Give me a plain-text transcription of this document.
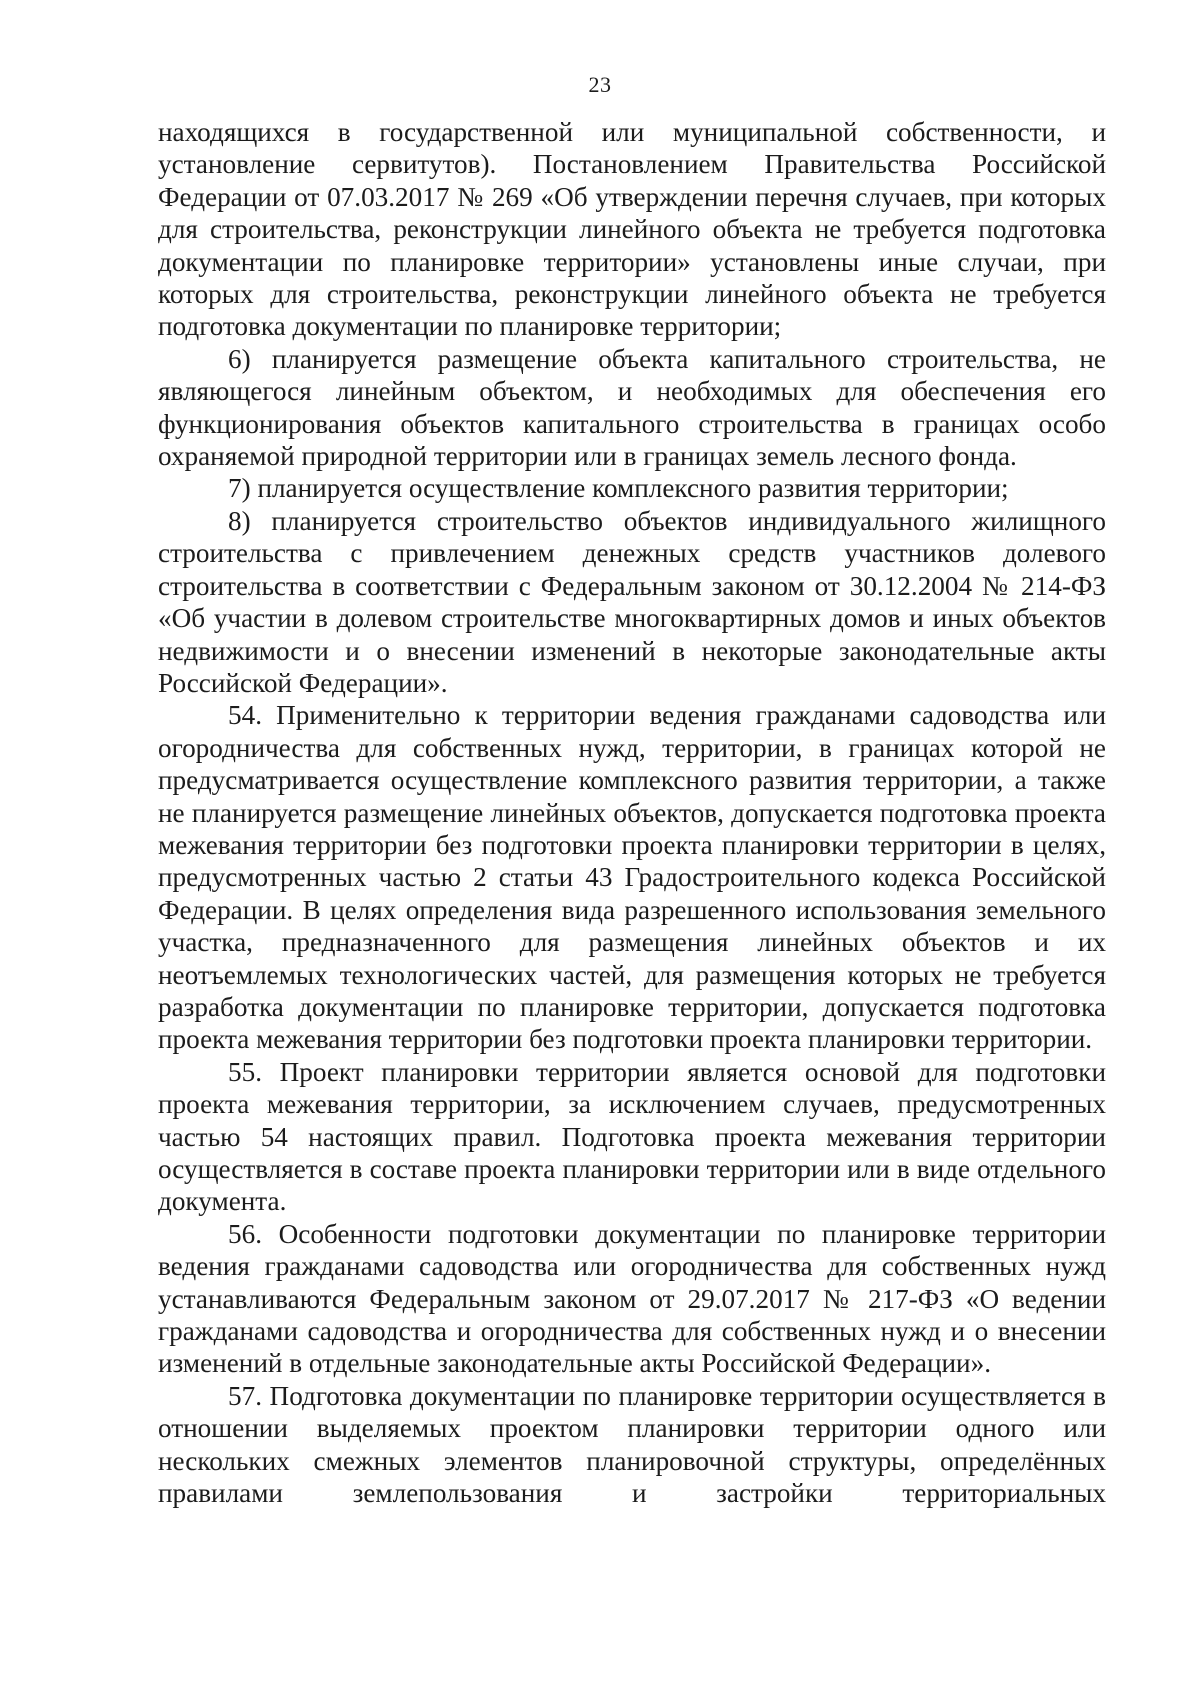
23

находящихся в государственной или муниципальной собственности, и установление сервитутов). Постановлением Правительства Российской Федерации от 07.03.2017 № 269 «Об утверждении перечня случаев, при которых для строительства, реконструкции линейного объекта не требуется подготовка документации по планировке территории» установлены иные случаи, при которых для строительства, реконструкции линейного объекта не требуется подготовка документации по планировке территории;

6) планируется размещение объекта капитального строительства, не являющегося линейным объектом, и необходимых для обеспечения его функционирования объектов капитального строительства в границах особо охраняемой природной территории или в границах земель лесного фонда.

7) планируется осуществление комплексного развития территории;

8) планируется строительство объектов индивидуального жилищного строительства с привлечением денежных средств участников долевого строительства в соответствии с Федеральным законом от 30.12.2004 № 214-ФЗ «Об участии в долевом строительстве многоквартирных домов и иных объектов недвижимости и о внесении изменений в некоторые законодательные акты Российской Федерации».

54. Применительно к территории ведения гражданами садоводства или огородничества для собственных нужд, территории, в границах которой не предусматривается осуществление комплексного развития территории, а также не планируется размещение линейных объектов, допускается подготовка проекта межевания территории без подготовки проекта планировки территории в целях, предусмотренных частью 2 статьи 43 Градостроительного кодекса Российской Федерации. В целях определения вида разрешенного использования земельного участка, предназначенного для размещения линейных объектов и их неотъемлемых технологических частей, для размещения которых не требуется разработка документации по планировке территории, допускается подготовка проекта межевания территории без подготовки проекта планировки территории.

55. Проект планировки территории является основой для подготовки проекта межевания территории, за исключением случаев, предусмотренных частью 54 настоящих правил. Подготовка проекта межевания территории осуществляется в составе проекта планировки территории или в виде отдельного документа.

56. Особенности подготовки документации по планировке территории ведения гражданами садоводства или огородничества для собственных нужд устанавливаются Федеральным законом от 29.07.2017 № 217-ФЗ «О ведении гражданами садоводства и огородничества для собственных нужд и о внесении изменений в отдельные законодательные акты Российской Федерации».

57. Подготовка документации по планировке территории осуществляется в отношении выделяемых проектом планировки территории одного или нескольких смежных элементов планировочной структуры, определённых правилами землепользования и застройки территориальных
